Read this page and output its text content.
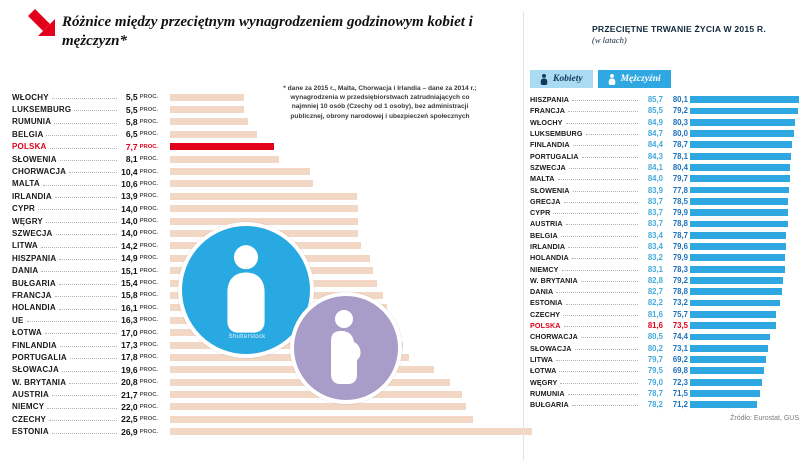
Różnice między przeciętnym wynagrodzeniem godzinowym kobiet i mężczyzn*
* dane za 2015 r., Malta, Chorwacja i Irlandia – dane za 2014 r.; wynagrodzenia w przedsiębiorstwach zatrudniających co najmniej 10 osób (Czechy od 1 osoby), bez administracji publicznej, obrony narodowej i ubezpieczeń społecznych
WŁOCHY	5,5 PROC.
LUKSEMBURG	5,5 PROC.
RUMUNIA	5,8 PROC.
BELGIA	6,5 PROC.
POLSKA	7,7 PROC.
SŁOWENIA	8,1 PROC.
CHORWACJA	10,4 PROC.
MALTA	10,6 PROC.
IRLANDIA	13,9 PROC.
CYPR	14,0 PROC.
WĘGRY	14,0 PROC.
SZWECJA	14,0 PROC.
LITWA	14,2 PROC.
HISZPANIA	14,9 PROC.
DANIA	15,1 PROC.
BUŁGARIA	15,4 PROC.
FRANCJA	15,8 PROC.
HOLANDIA	16,1 PROC.
UE	16,3 PROC.
ŁOTWA	17,0 PROC.
FINLANDIA	17,3 PROC.
PORTUGALIA	17,8 PROC.
SŁOWACJA	19,6 PROC.
W. BRYTANIA	20,8 PROC.
AUSTRIA	21,7 PROC.
NIEMCY	22,0 PROC.
CZECHY	22,5 PROC.
ESTONIA	26,9 PROC.
PRZECIĘTNE TRWANIE ŻYCIA W 2015 R.
(w latach)
Kobiety	Mężczyźni
HISZPANIA	85,7	80,1
FRANCJA	85,5	79,2
WŁOCHY	84,9	80,3
LUKSEMBURG	84,7	80,0
FINLANDIA	84,4	78,7
PORTUGALIA	84,3	78,1
SZWECJA	84,1	80,4
MALTA	84,0	79,7
SŁOWENIA	83,9	77,8
GRECJA	83,7	78,5
CYPR	83,7	79,9
AUSTRIA	83,7	78,8
BELGIA	83,4	78,7
IRLANDIA	83,4	79,6
HOLANDIA	83,2	79,9
NIEMCY	83,1	78,3
W. BRYTANIA	82,8	79,2
DANIA	82,7	78,8
ESTONIA	82,2	73,2
CZECHY	81,6	75,7
POLSKA	81,6	73,5
CHORWACJA	80,5	74,4
SŁOWACJA	80,2	73,1
LITWA	79,7	69,2
ŁOTWA	79,5	69,8
WĘGRY	79,0	72,3
RUMUNIA	78,7	71,5
BUŁGARIA	78,2	71,2
Źródło: Eurostat, GUS
Shutterstock
